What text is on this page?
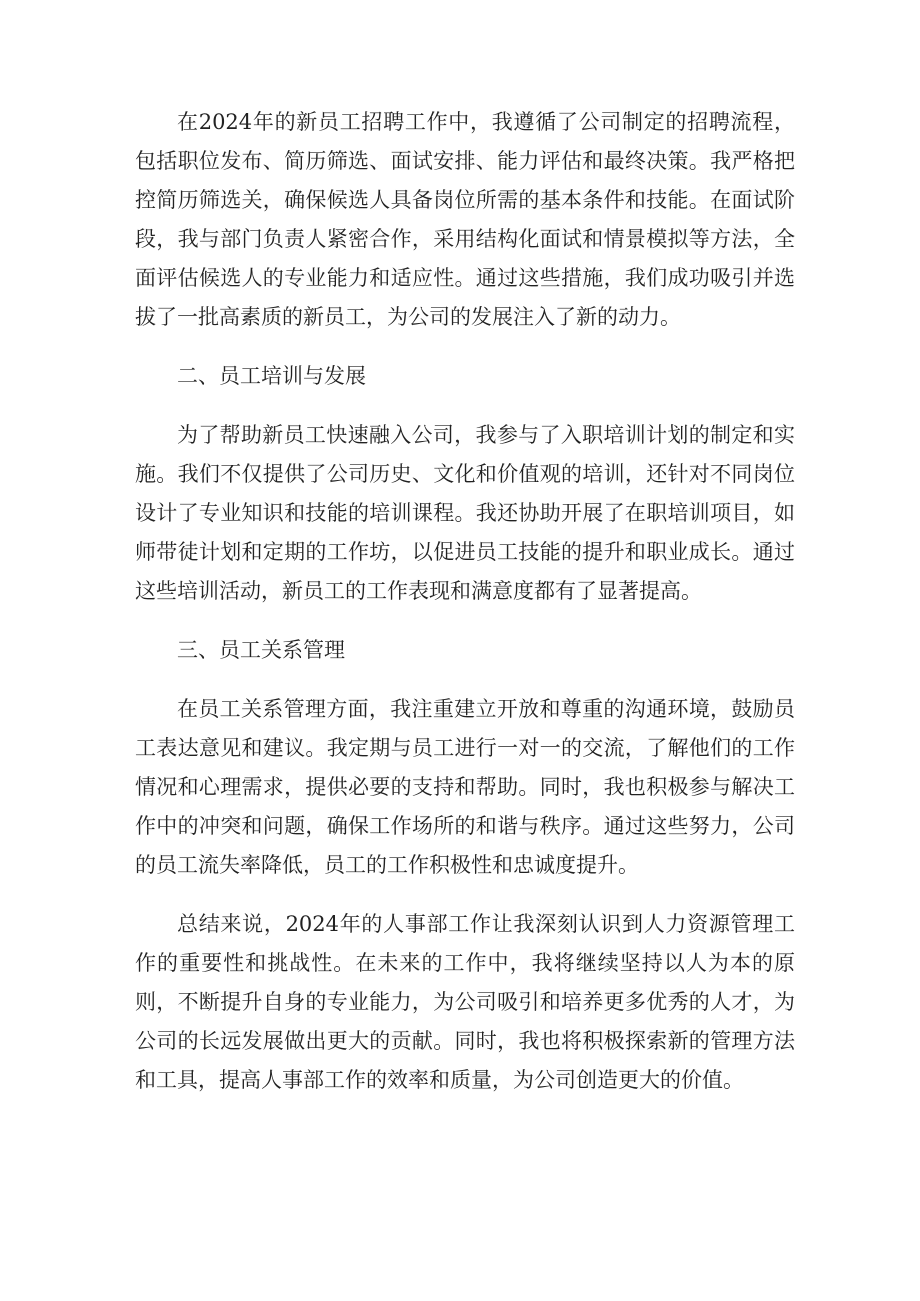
在2024年的新员工招聘工作中，我遵循了公司制定的招聘流程，包括职位发布、简历筛选、面试安排、能力评估和最终决策。我严格把控简历筛选关，确保候选人具备岗位所需的基本条件和技能。在面试阶段，我与部门负责人紧密合作，采用结构化面试和情景模拟等方法，全面评估候选人的专业能力和适应性。通过这些措施，我们成功吸引并选拔了一批高素质的新员工，为公司的发展注入了新的动力。

二、员工培训与发展

为了帮助新员工快速融入公司，我参与了入职培训计划的制定和实施。我们不仅提供了公司历史、文化和价值观的培训，还针对不同岗位设计了专业知识和技能的培训课程。我还协助开展了在职培训项目，如师带徒计划和定期的工作坊，以促进员工技能的提升和职业成长。通过这些培训活动，新员工的工作表现和满意度都有了显著提高。

三、员工关系管理

在员工关系管理方面，我注重建立开放和尊重的沟通环境，鼓励员工表达意见和建议。我定期与员工进行一对一的交流，了解他们的工作情况和心理需求，提供必要的支持和帮助。同时，我也积极参与解决工作中的冲突和问题，确保工作场所的和谐与秩序。通过这些努力，公司的员工流失率降低，员工的工作积极性和忠诚度提升。

总结来说，2024年的人事部工作让我深刻认识到人力资源管理工作的重要性和挑战性。在未来的工作中，我将继续坚持以人为本的原则，不断提升自身的专业能力，为公司吸引和培养更多优秀的人才，为公司的长远发展做出更大的贡献。同时，我也将积极探索新的管理方法和工具，提高人事部工作的效率和质量，为公司创造更大的价值。
